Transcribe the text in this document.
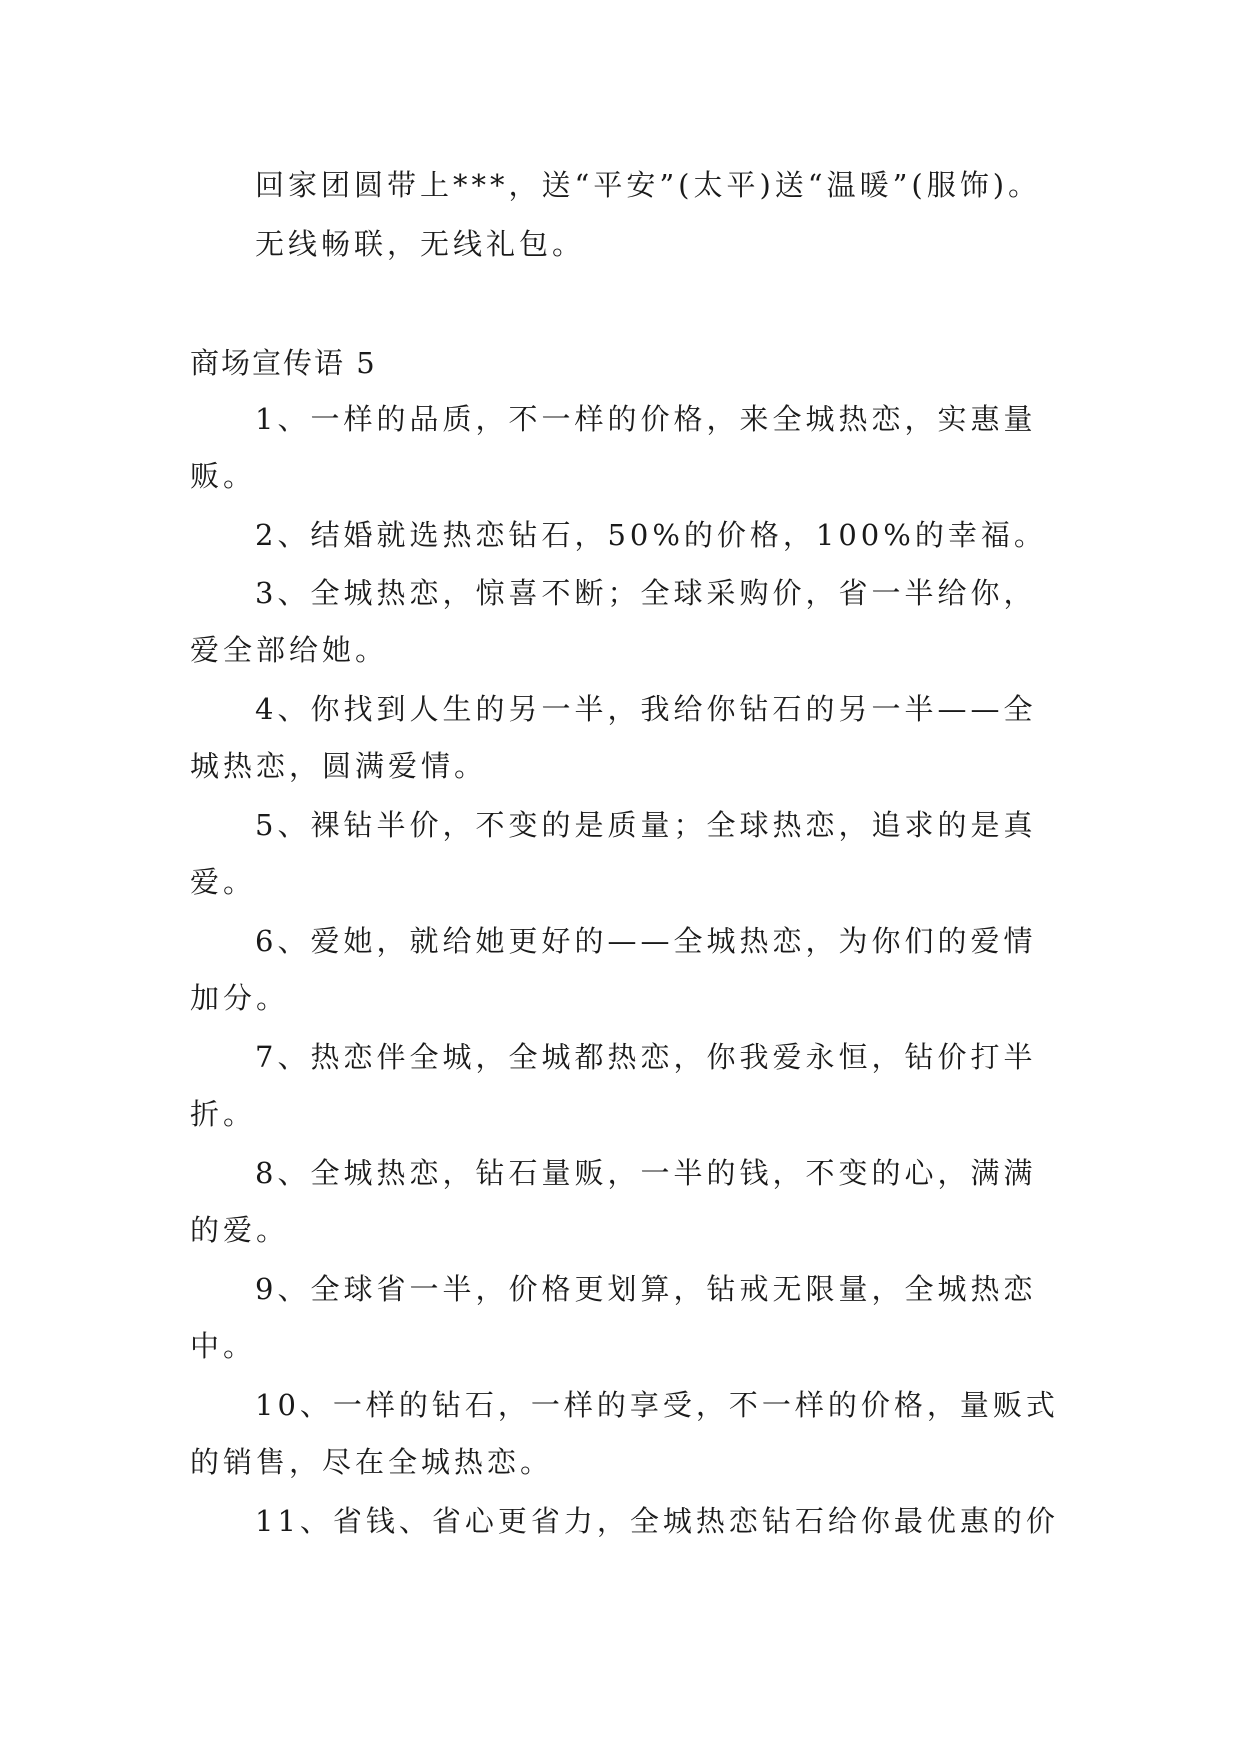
回家团圆带上***，送“平安”(太平)送“温暖”(服饰)。
无线畅联，无线礼包。
商场宣传语 5
1、一样的品质，不一样的价格，来全城热恋，实惠量
贩。
2、结婚就选热恋钻石，50%的价格，100%的幸福。
3、全城热恋，惊喜不断；全球采购价，省一半给你，
爱全部给她。
4、你找到人生的另一半，我给你钻石的另一半——全
城热恋，圆满爱情。
5、裸钻半价，不变的是质量；全球热恋，追求的是真
爱。
6、爱她，就给她更好的——全城热恋，为你们的爱情
加分。
7、热恋伴全城，全城都热恋，你我爱永恒，钻价打半
折。
8、全城热恋，钻石量贩，一半的钱，不变的心，满满
的爱。
9、全球省一半，价格更划算，钻戒无限量，全城热恋
中。
10、一样的钻石，一样的享受，不一样的价格，量贩式
的销售，尽在全城热恋。
11、省钱、省心更省力，全城热恋钻石给你最优惠的价
